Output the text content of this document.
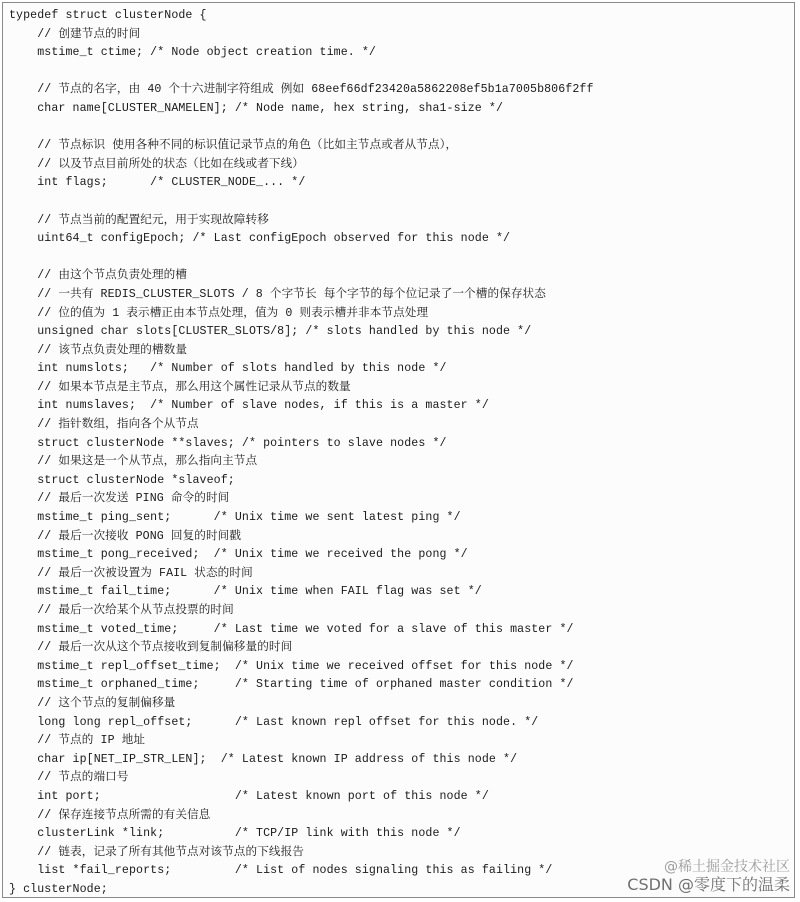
typedef struct clusterNode {
// 创建节点的时间
mstime_t ctime; /* Node object creation time. */
// 节点的名字，由 40 个十六进制字符组成 例如 68eef66df23420a5862208ef5b1a7005b806f2ff
char name[CLUSTER_NAMELEN]; /* Node name, hex string, sha1-size */
// 节点标识 使用各种不同的标识值记录节点的角色（比如主节点或者从节点），
// 以及节点目前所处的状态（比如在线或者下线）
int flags;      /* CLUSTER_NODE_... */
// 节点当前的配置纪元，用于实现故障转移
uint64_t configEpoch; /* Last configEpoch observed for this node */
// 由这个节点负责处理的槽
// 一共有 REDIS_CLUSTER_SLOTS / 8 个字节长 每个字节的每个位记录了一个槽的保存状态
// 位的值为 1 表示槽正由本节点处理，值为 0 则表示槽并非本节点处理
unsigned char slots[CLUSTER_SLOTS/8]; /* slots handled by this node */
// 该节点负责处理的槽数量
int numslots;   /* Number of slots handled by this node */
// 如果本节点是主节点，那么用这个属性记录从节点的数量
int numslaves;  /* Number of slave nodes, if this is a master */
// 指针数组，指向各个从节点
struct clusterNode **slaves; /* pointers to slave nodes */
// 如果这是一个从节点，那么指向主节点
struct clusterNode *slaveof;
// 最后一次发送 PING 命令的时间
mstime_t ping_sent;      /* Unix time we sent latest ping */
// 最后一次接收 PONG 回复的时间戳
mstime_t pong_received;  /* Unix time we received the pong */
// 最后一次被设置为 FAIL 状态的时间
mstime_t fail_time;      /* Unix time when FAIL flag was set */
// 最后一次给某个从节点投票的时间
mstime_t voted_time;     /* Last time we voted for a slave of this master */
// 最后一次从这个节点接收到复制偏移量的时间
mstime_t repl_offset_time;  /* Unix time we received offset for this node */
mstime_t orphaned_time;     /* Starting time of orphaned master condition */
// 这个节点的复制偏移量
long long repl_offset;      /* Last known repl offset for this node. */
// 节点的 IP 地址
char ip[NET_IP_STR_LEN];  /* Latest known IP address of this node */
// 节点的端口号
int port;                   /* Latest known port of this node */
// 保存连接节点所需的有关信息
clusterLink *link;          /* TCP/IP link with this node */
// 链表，记录了所有其他节点对该节点的下线报告
list *fail_reports;         /* List of nodes signaling this as failing */
} clusterNode;
@稀土掘金技术社区
CSDN @零度下的温柔
